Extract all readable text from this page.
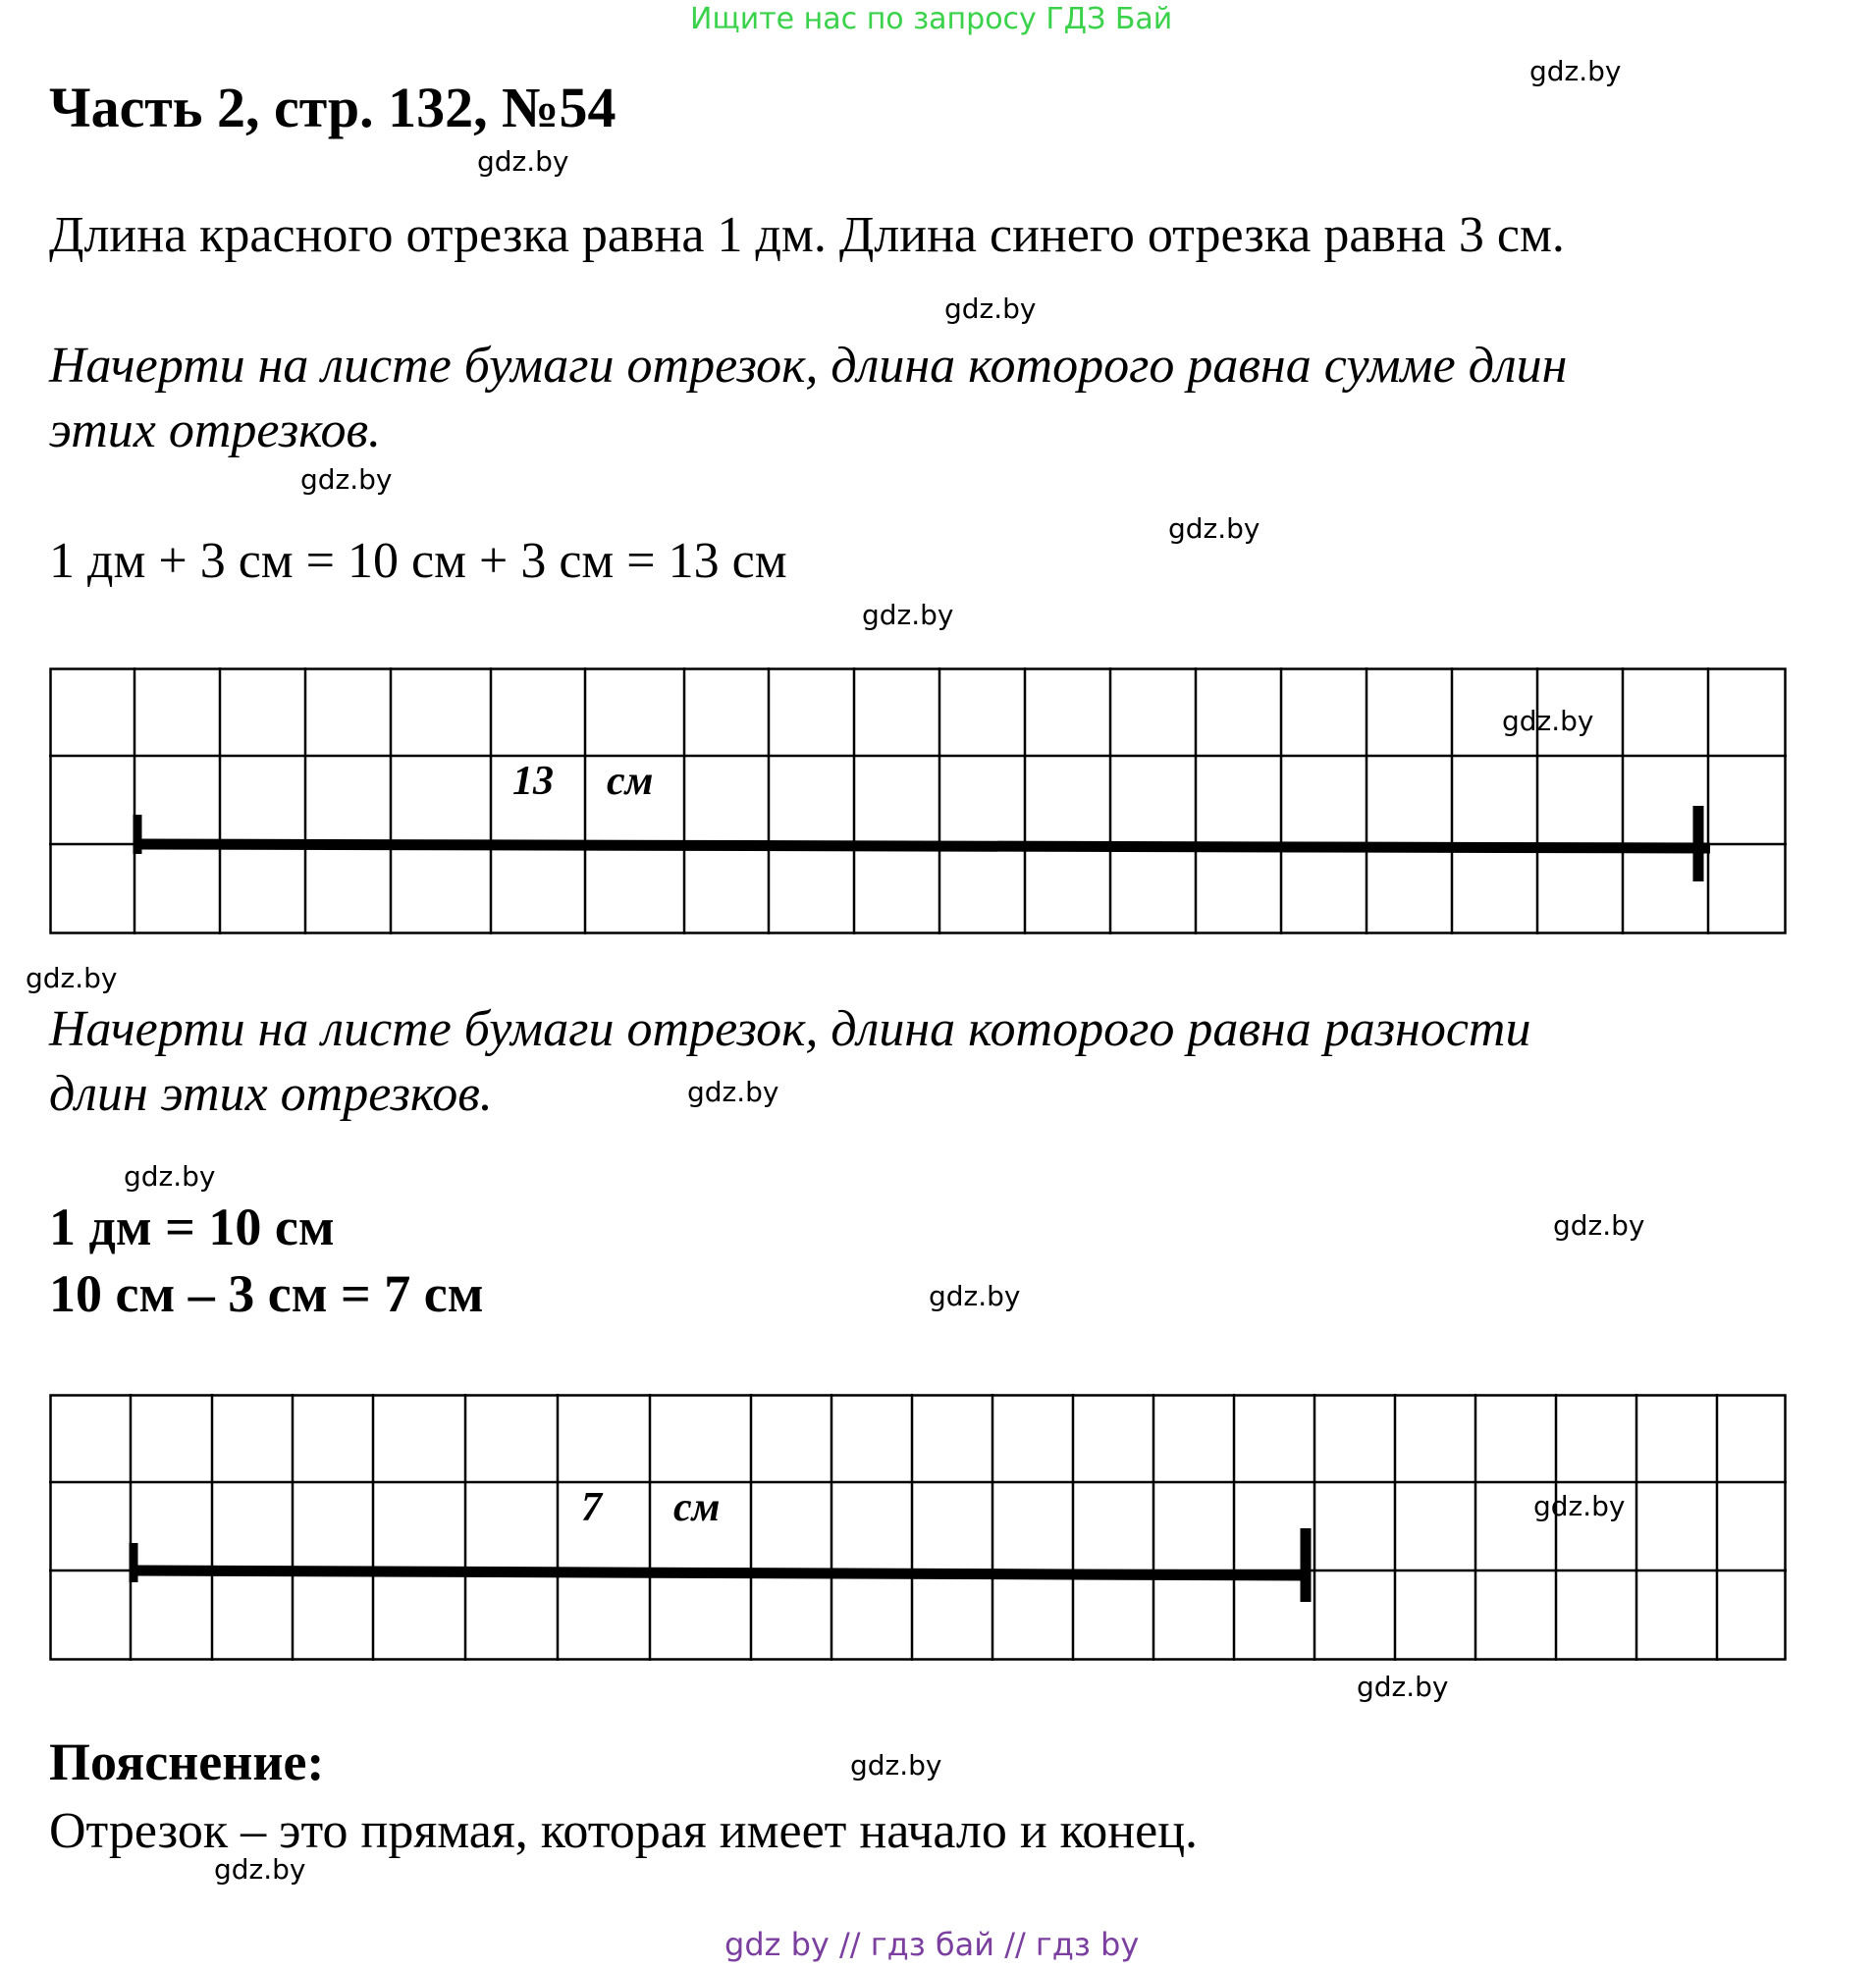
Ищите нас по запросу ГДЗ Бай
Часть 2, стр. 132, №54
Длина красного отрезка равна 1 дм. Длина синего отрезка равна 3 см.
Начерти на листе бумаги отрезок, длина которого равна сумме длин
этих отрезков.
1 дм + 3 см = 10 см + 3 см = 13 см
13 см
Начерти на листе бумаги отрезок, длина которого равна разности
длин этих отрезков.
1 дм = 10 см
10 см – 3 см = 7 см
7 см
Пояснение:
Отрезок – это прямая, которая имеет начало и конец.
gdz.by
gdz.by
gdz.by
gdz.by
gdz.by
gdz.by
gdz.by
gdz.by
gdz.by
gdz.by
gdz.by
gdz.by
gdz.by
gdz.by
gdz.by
gdz.by
gdz by // гдз бай // гдз by
